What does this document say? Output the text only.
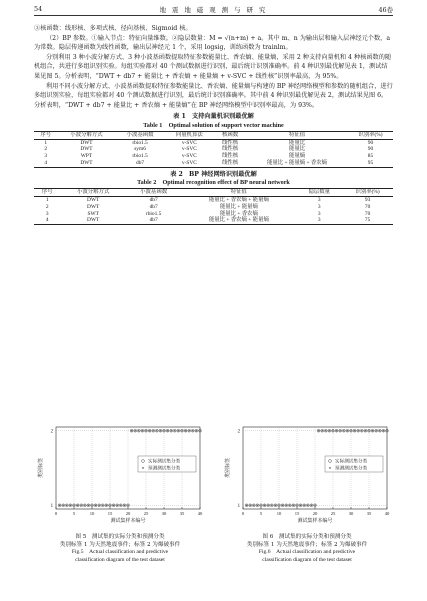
54	地 震 地 磁 观 测 与 研 究	46卷

③核函数：线形核、多项式核、径向基核、Sigmoid 核。

（2）BP 参数。①输入节点：特征向量维数。②隐层数量：M = √(n+m) + a。其中 m、n 为输出层和输入层神经元个数，a 为常数。隐层传递函数为线性函数，输出层神经元 1 个，采用 logsig，训练函数为 trainlm。

分别利用 3 种小波分解方式、3 种小波基函数提取特征参数能量比、香农熵、能量熵，采用 2 种支持向量机和 4 种核函数的随机组合，共进行多组识别实验。每组实验都对 40 个测试数据进行识别，最后统计识别准确率。前 4 种识别最优解见表 1，测试结果见图 5。分析表明，“DWT + db7 + 能量比 + 香农熵 + 能量熵 + v-SVC + 线性核”识别率最高，为 95%。

利用不同小波分解方式、小波基函数提取特征参数能量比、香农熵、能量熵与构建的 BP 神经网络模型和参数的随机组合，进行多组识别实验，每组实验都对 40 个测试数据进行识别，最后统计识别准确率。其中前 4 种识别最优解见表 2，测试结果见图 6。分析表明，“DWT + db7 + 能量比 + 香农熵 + 能量熵”在 BP 神经网络模型中识别率最高，为 93%。

表 1　支持向量机识别最优解
Table 1　Optimal solution of support vector machine
序号	小波分解方式	小波基函数	向量机算法	核函数	特征值	识别率(%)
1	DWT	rbio1.5	v-SVC	线性核	能量比	90
2	DWT	sym6	v-SVC	线性核	能量比	90
3	WPT	rbio1.5	v-SVC	线性核	能量熵	85
4	DWT	db7	v-SVC	线性核	能量比 + 能量熵 + 香农熵	95
表 2　BP 神经网络识别最优解
Table 2　Optimal recognition effect of BP neural network
序号	小波分解方式	小波基函数	特征值	隐层数量	识别率(%)
1	DWT	db7	能量比 + 香农熵 + 能量熵	3	93
2	DWT	db7	能量比 + 能量熵	3	70
3	SWT	rbio1.5	能量比 + 香农熵	3	70
4	DWT	db7	能量比 + 香农熵 + 能量熵	3	75
0	5	10	15	20	25	30	35	40
1
2
测试集样本编号
类别标签	实际测试集分类
预测测试集分类
图 5　测试集的实际分类和预测分类
类别标签 1 为天然地震事件；标签 2 为爆破事件
Fig.5　Actual classification and predictive
classification diagram of the test dataset
0	5	10	15	20	25	30	35	40
1
2
测试集样本编号
类别标签	实际测试集分类
预测测试集分类
图 6　测试集的实际分类和预测分类
类别标签 1 为天然地震事件；标签 2 为爆破事件
Fig.6　Actual classification and predictive
classification diagram of the test dataset
